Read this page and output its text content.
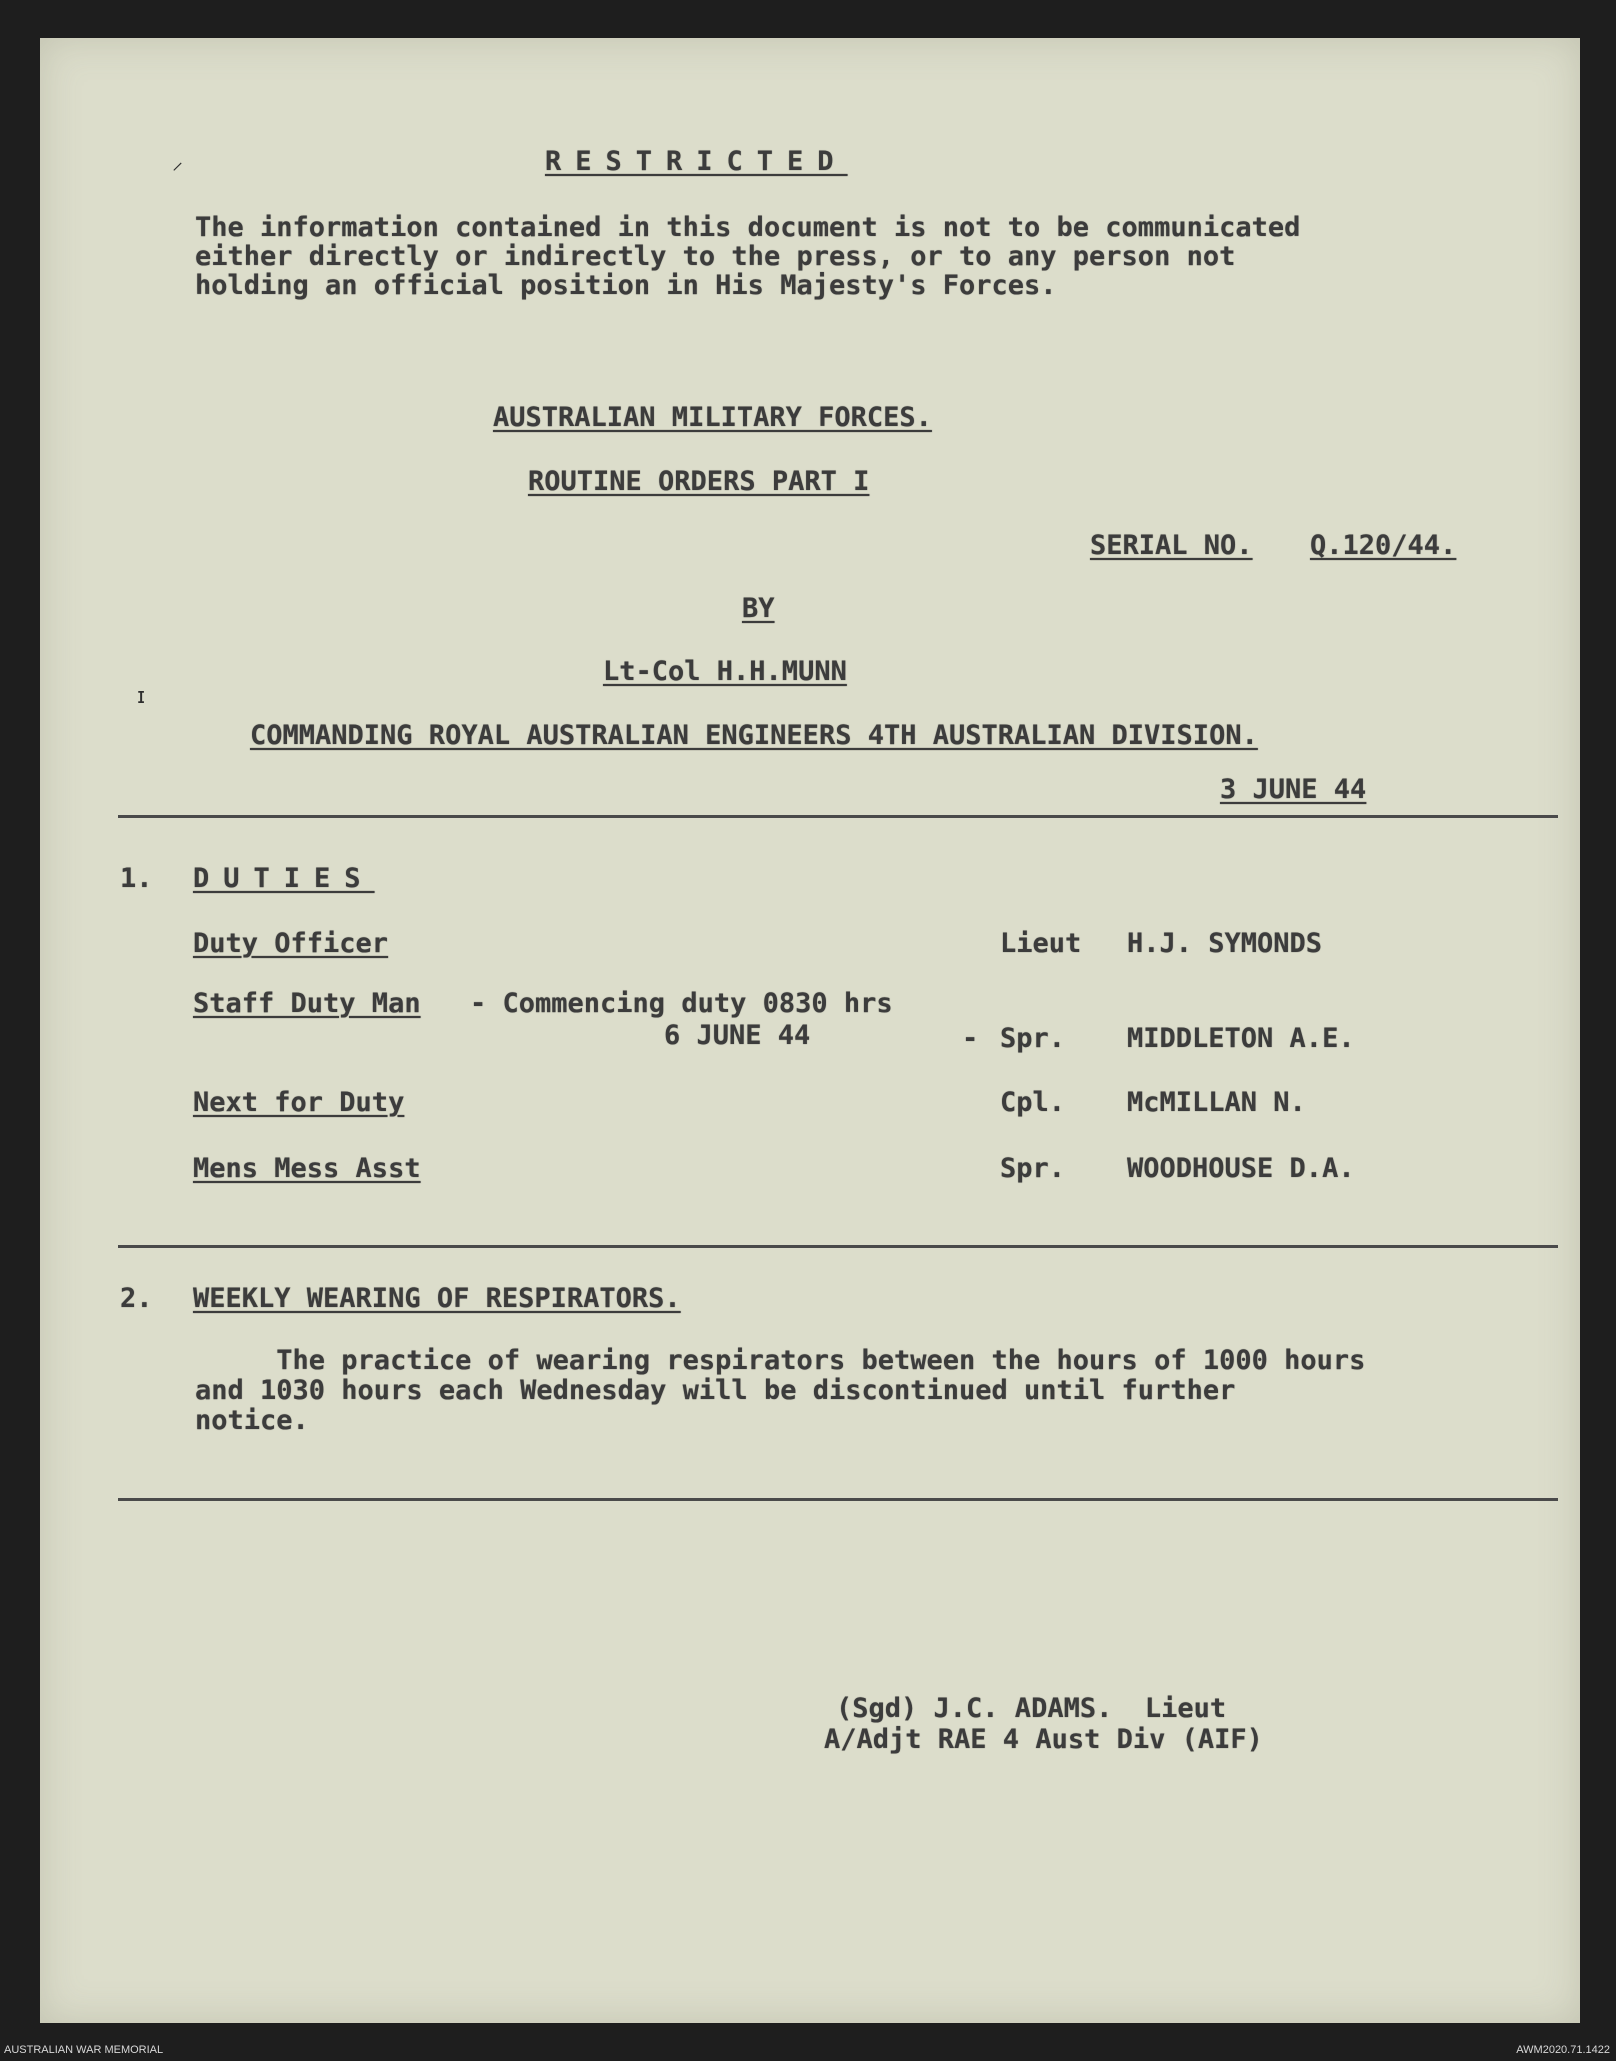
RESTRICTED
The information contained in this document is not to be communicated
either directly or indirectly to the press, or to any person not
holding an official position in His Majesty's Forces.
AUSTRALIAN MILITARY FORCES.
ROUTINE ORDERS PART I
SERIAL NO. Q.120/44.
BY
Lt-Col H.H.MUNN
COMMANDING ROYAL AUSTRALIAN ENGINEERS 4TH AUSTRALIAN DIVISION.
3 JUNE 44
1. DUTIES
Duty Officer	Lieut H.J. SYMONDS
Staff Duty Man - Commencing duty 0830 hrs
6 JUNE 44	- Spr. MIDDLETON A.E.
Next for Duty	Cpl. McMILLAN N.
Mens Mess Asst	Spr. WOODHOUSE D.A.
2. WEEKLY WEARING OF RESPIRATORS.
The practice of wearing respirators between the hours of 1000 hours
and 1030 hours each Wednesday will be discontinued until further
notice.
(Sgd) J.C. ADAMS.  Lieut
A/Adjt RAE 4 Aust Div (AIF)
⸝
ɪ
AUSTRALIAN WAR MEMORIAL	AWM2020.71.1422
